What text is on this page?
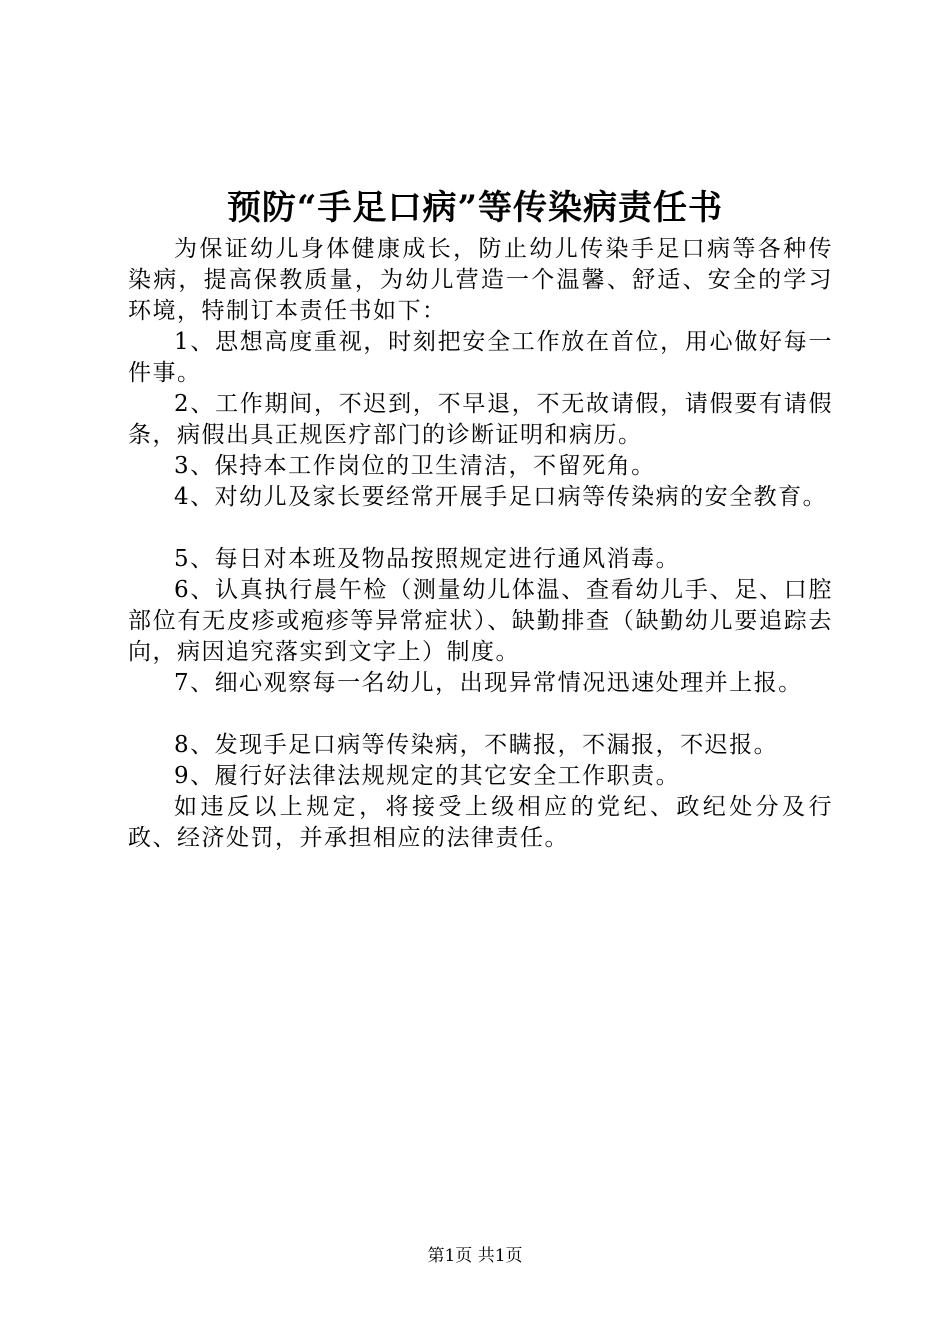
预防“手足口病”等传染病责任书

为保证幼儿身体健康成长，防止幼儿传染手足口病等各种传染病，提高保教质量，为幼儿营造一个温馨、舒适、安全的学习环境，特制订本责任书如下：

1、思想高度重视，时刻把安全工作放在首位，用心做好每一件事。

2、工作期间，不迟到，不早退，不无故请假，请假要有请假条，病假出具正规医疗部门的诊断证明和病历。

3、保持本工作岗位的卫生清洁，不留死角。

4、对幼儿及家长要经常开展手足口病等传染病的安全教育。

5、每日对本班及物品按照规定进行通风消毒。

6、认真执行晨午检（测量幼儿体温、查看幼儿手、足、口腔部位有无皮疹或疱疹等异常症状）、缺勤排查（缺勤幼儿要追踪去向，病因追究落实到文字上）制度。

7、细心观察每一名幼儿，出现异常情况迅速处理并上报。

8、发现手足口病等传染病，不瞒报，不漏报，不迟报。

9、履行好法律法规规定的其它安全工作职责。

如违反以上规定，将接受上级相应的党纪、政纪处分及行政、经济处罚，并承担相应的法律责任。

第1页 共1页
